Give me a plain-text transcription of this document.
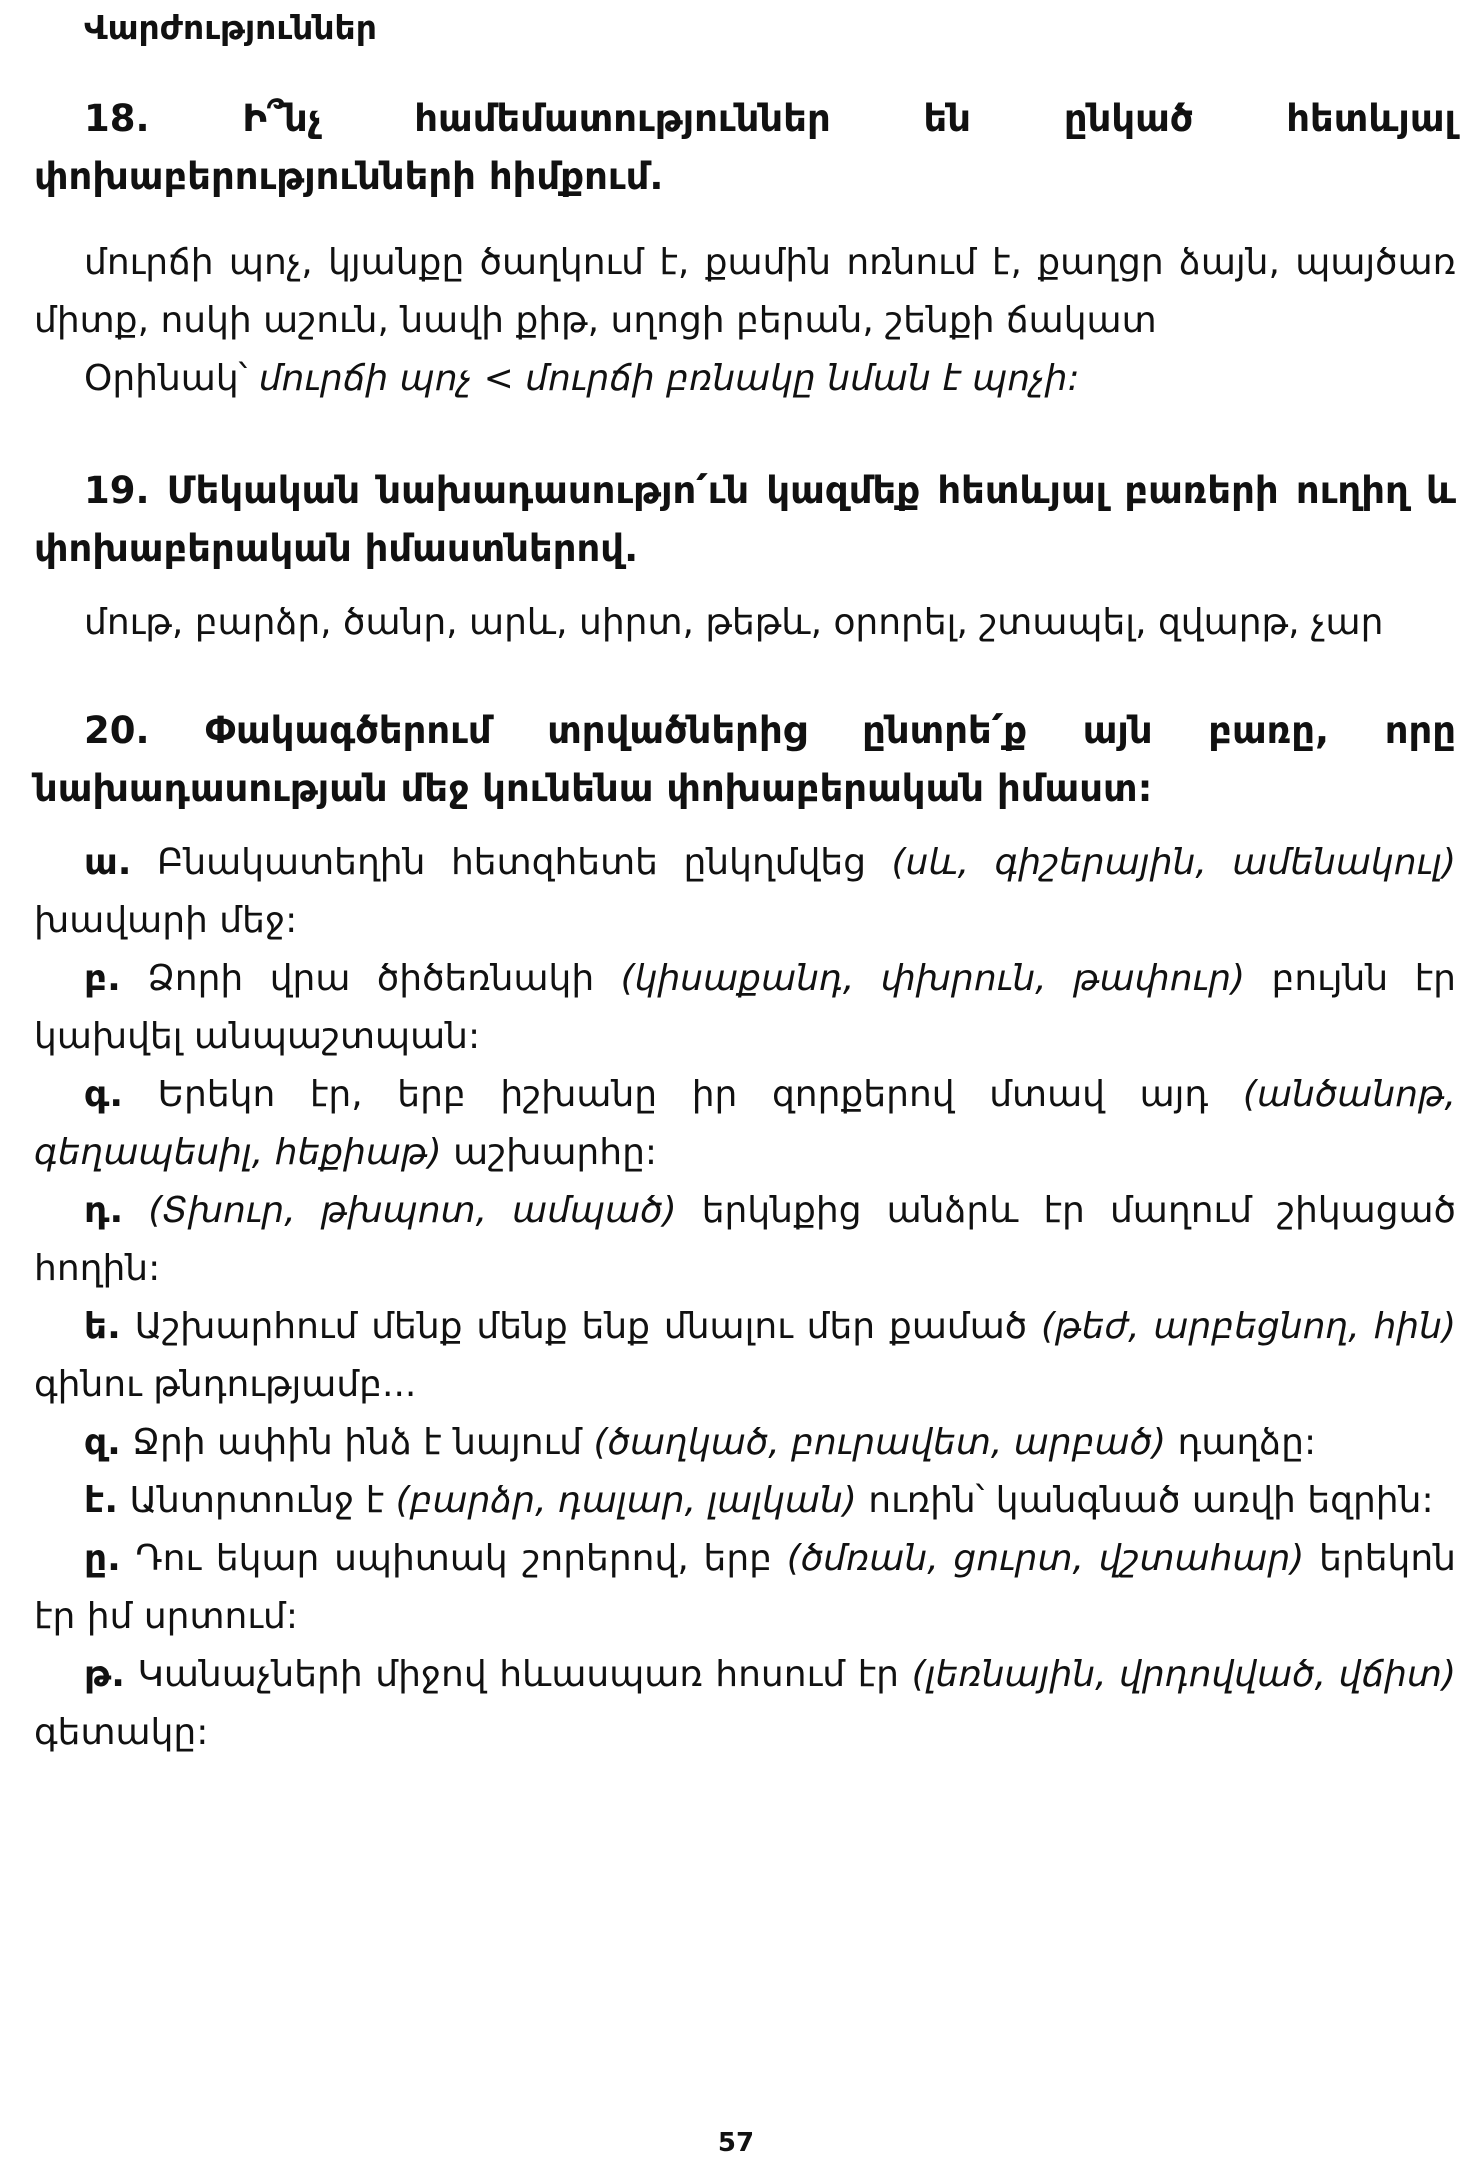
Վարժություններ
18. Ի՞նչ համեմատություններ են ընկած հետևյալ փոխաբերությունների հիմքում.
մուրճի պոչ, կյանքը ծաղկում է, քամին ոռնում է, քաղցր ձայն, պայծառ միտք, ոսկի աշուն, նավի քիթ, սղոցի բերան, շենքի ճակատ
Օրինակ՝ մուրճի պոչ < մուրճի բռնակը նման է պոչի:
19. Մեկական նախադասությո՛ւն կազմեք հետևյալ բառերի ուղիղ և փոխաբերական իմաստներով.
մութ, բարձր, ծանր, արև, սիրտ, թեթև, օրորել, շտապել, զվարթ, չար
20. Փակագծերում տրվածներից ընտրե՛ք այն բառը, որը նախադասության մեջ կունենա փոխաբերական իմաստ:
ա. Բնակատեղին հետզհետե ընկղմվեց (սև, գիշերային, ամենակուլ) խավարի մեջ:
բ. Ձորի վրա ծիծեռնակի (կիսաքանդ, փխրուն, թափուր) բույնն էր կախվել անպաշտպան:
գ. Երեկո էր, երբ իշխանը իր զորքերով մտավ այդ (անծանոթ, գեղապեսիլ, հեքիաթ) աշխարհը:
դ. (Տխուր, թխպոտ, ամպած) երկնքից անձրև էր մաղում շիկացած հողին:
ե. Աշխարհում մենք մենք ենք մնալու մեր քամած (թեժ, արբեցնող, հին) գինու թնդությամբ...
զ. Ջրի ափին ինձ է նայում (ծաղկած, բուրավետ, արբած) դաղձը:
է. Անտրտունջ է (բարձր, դալար, լալկան) ուռին՝ կանգնած առվի եզրին:
ը. Դու եկար սպիտակ շորերով, երբ (ծմռան, ցուրտ, վշտահար) երեկոն էր իմ սրտում:
թ. Կանաչների միջով հևասպառ հոսում էր (լեռնային, վրդովված, վճիտ) գետակը:
57
